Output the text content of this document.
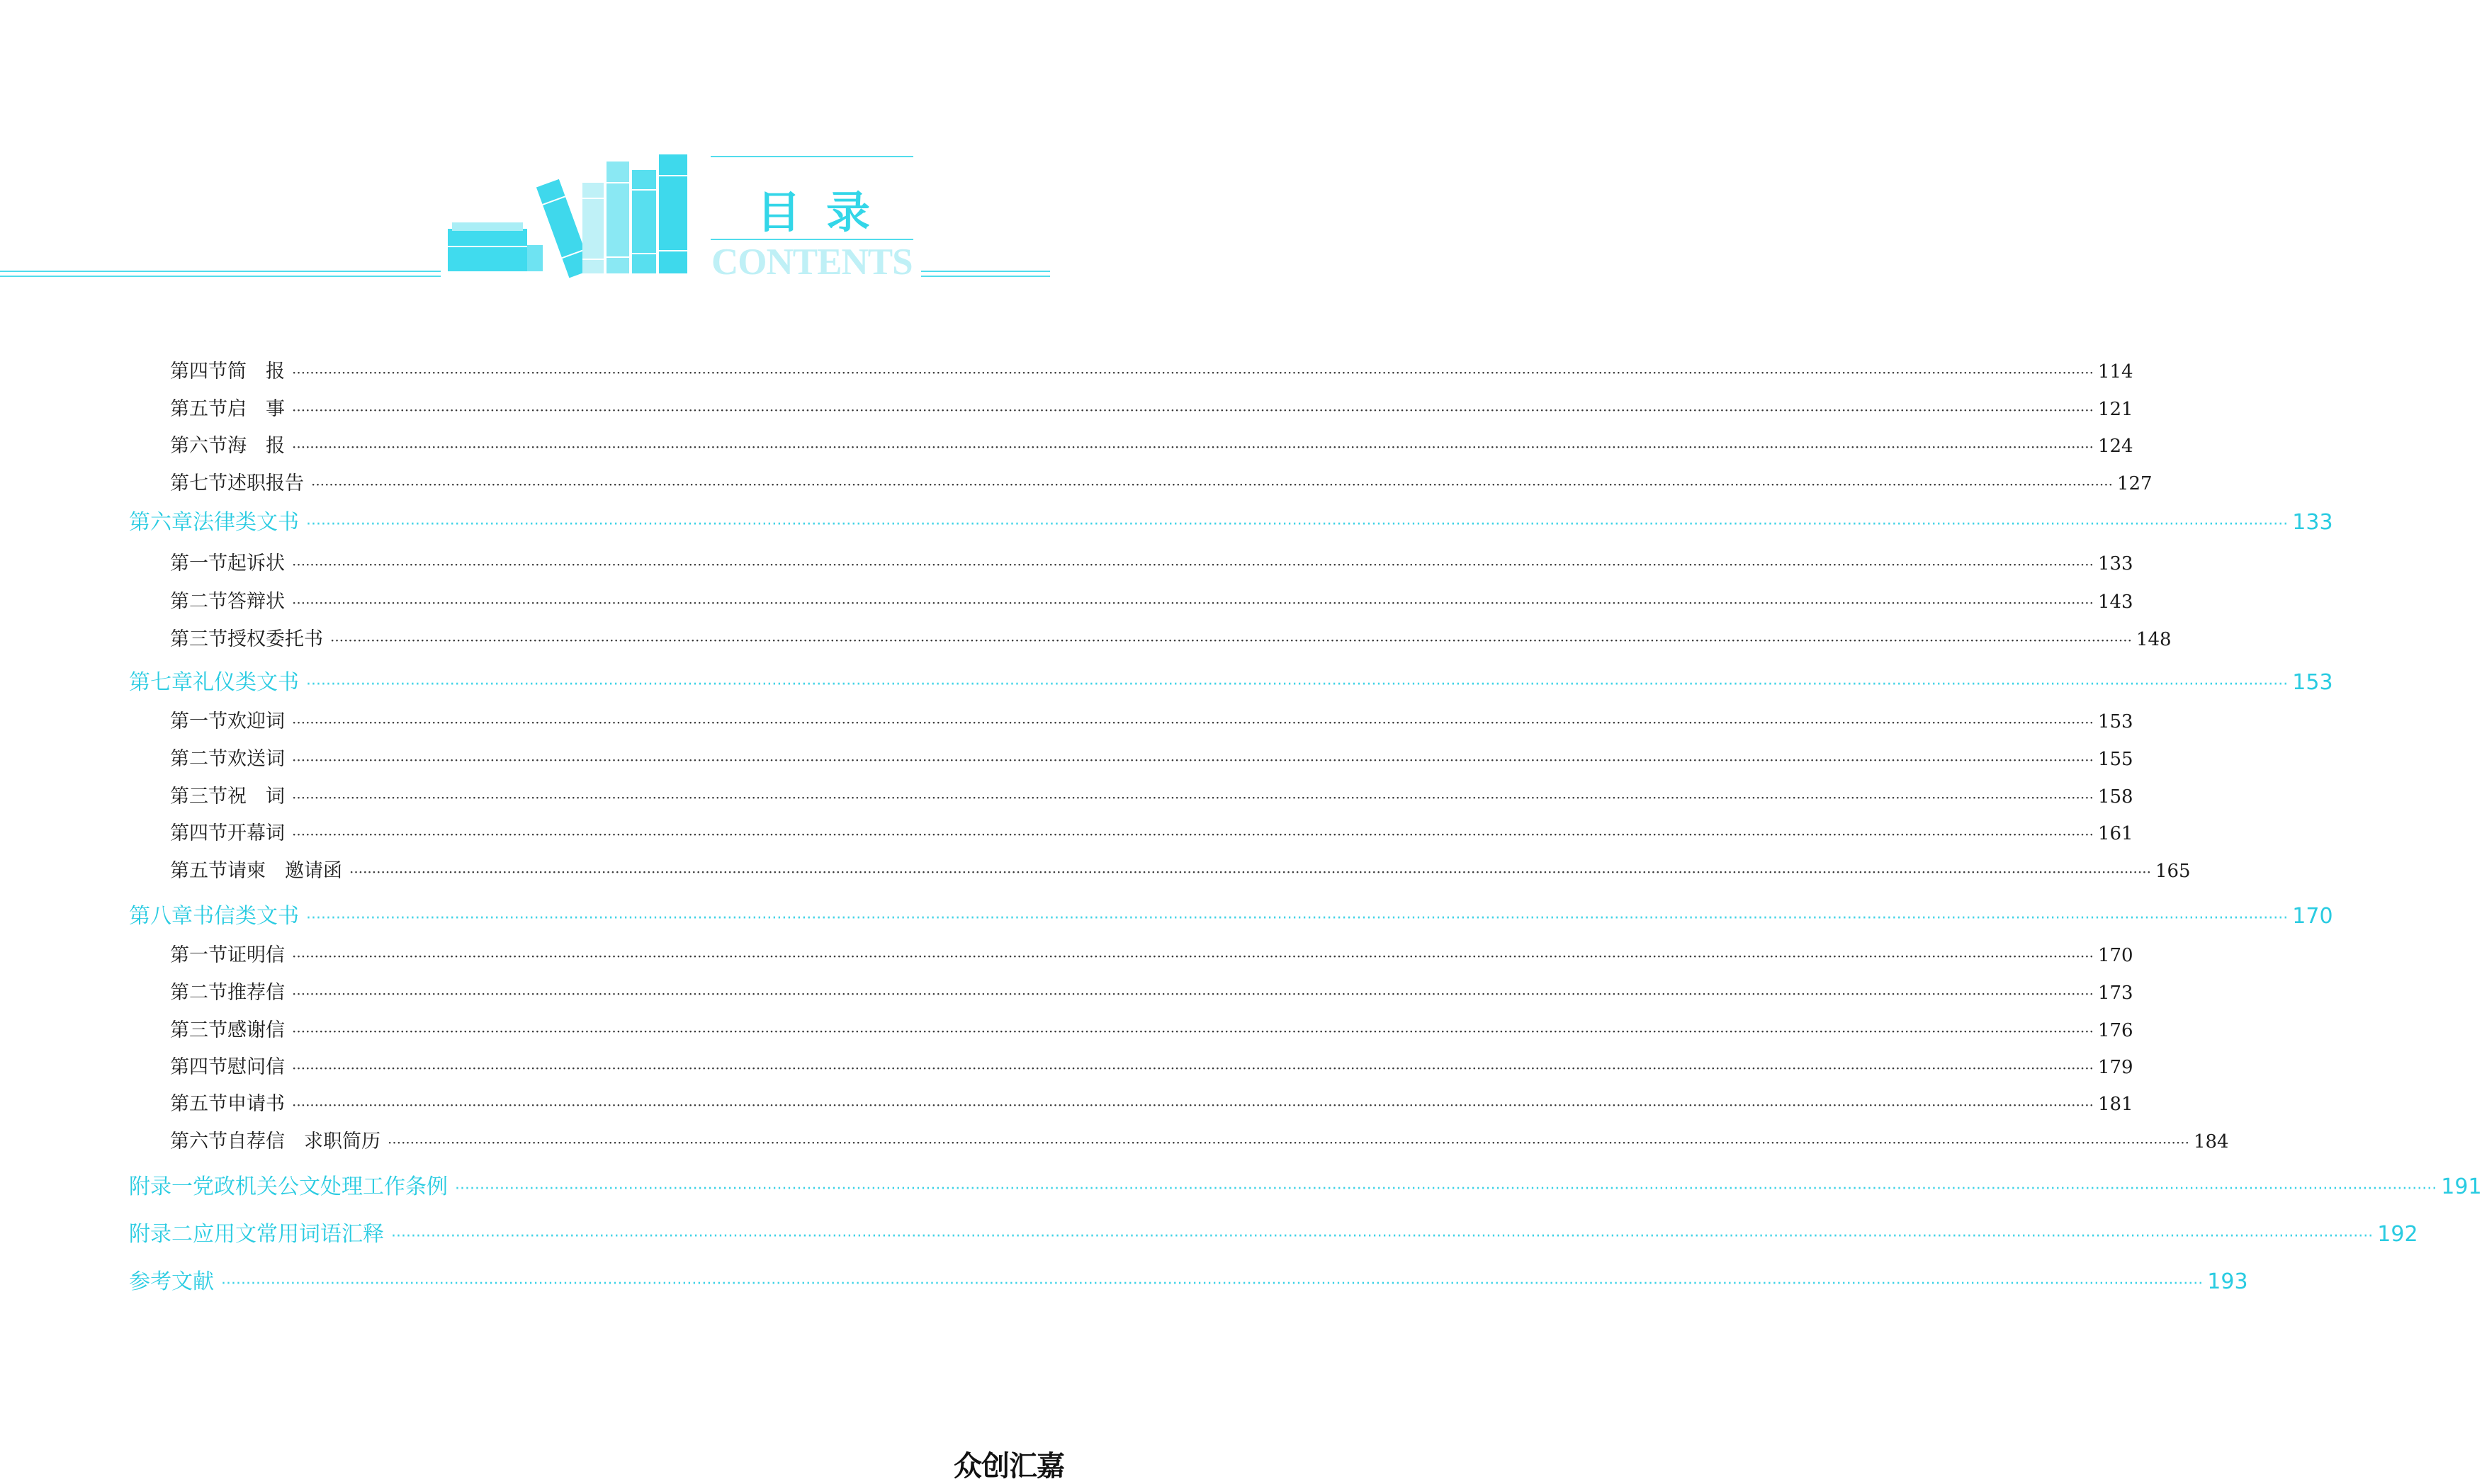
目录
CONTENTS
第四节 简　报 ················································································································································································································································································································································································································ 114
第五节 启　事 ················································································································································································································································································································································································································ 121
第六节 海　报 ················································································································································································································································································································································································································ 124
第七节 述职报告 ················································································································································································································································································································································································································ 127
第六章 法律类文书 ················································································································································································································································································································································································································ 133
第一节 起诉状 ················································································································································································································································································································································································································ 133
第二节 答辩状 ················································································································································································································································································································································································································ 143
第三节 授权委托书 ················································································································································································································································································································································································································ 148
第七章 礼仪类文书 ················································································································································································································································································································································································································ 153
第一节 欢迎词 ················································································································································································································································································································································································································ 153
第二节 欢送词 ················································································································································································································································································································································································································ 155
第三节 祝　词 ················································································································································································································································································································································································································ 158
第四节 开幕词 ················································································································································································································································································································································································································ 161
第五节 请柬　邀请函 ················································································································································································································································································································································································································ 165
第八章 书信类文书 ················································································································································································································································································································································································································ 170
第一节 证明信 ················································································································································································································································································································································································································ 170
第二节 推荐信 ················································································································································································································································································································································································································ 173
第三节 感谢信 ················································································································································································································································································································································································································ 176
第四节 慰问信 ················································································································································································································································································································································································································ 179
第五节 申请书 ················································································································································································································································································································································································································ 181
第六节 自荐信　求职简历 ················································································································································································································································································································································································································ 184
附录一 党政机关公文处理工作条例 ················································································································································································································································································································································································································ 191
附录二 应用文常用词语汇释 ················································································································································································································································································································································································································ 192
参考文献 ················································································································································································································································································································································································································ 193
众创汇嘉
